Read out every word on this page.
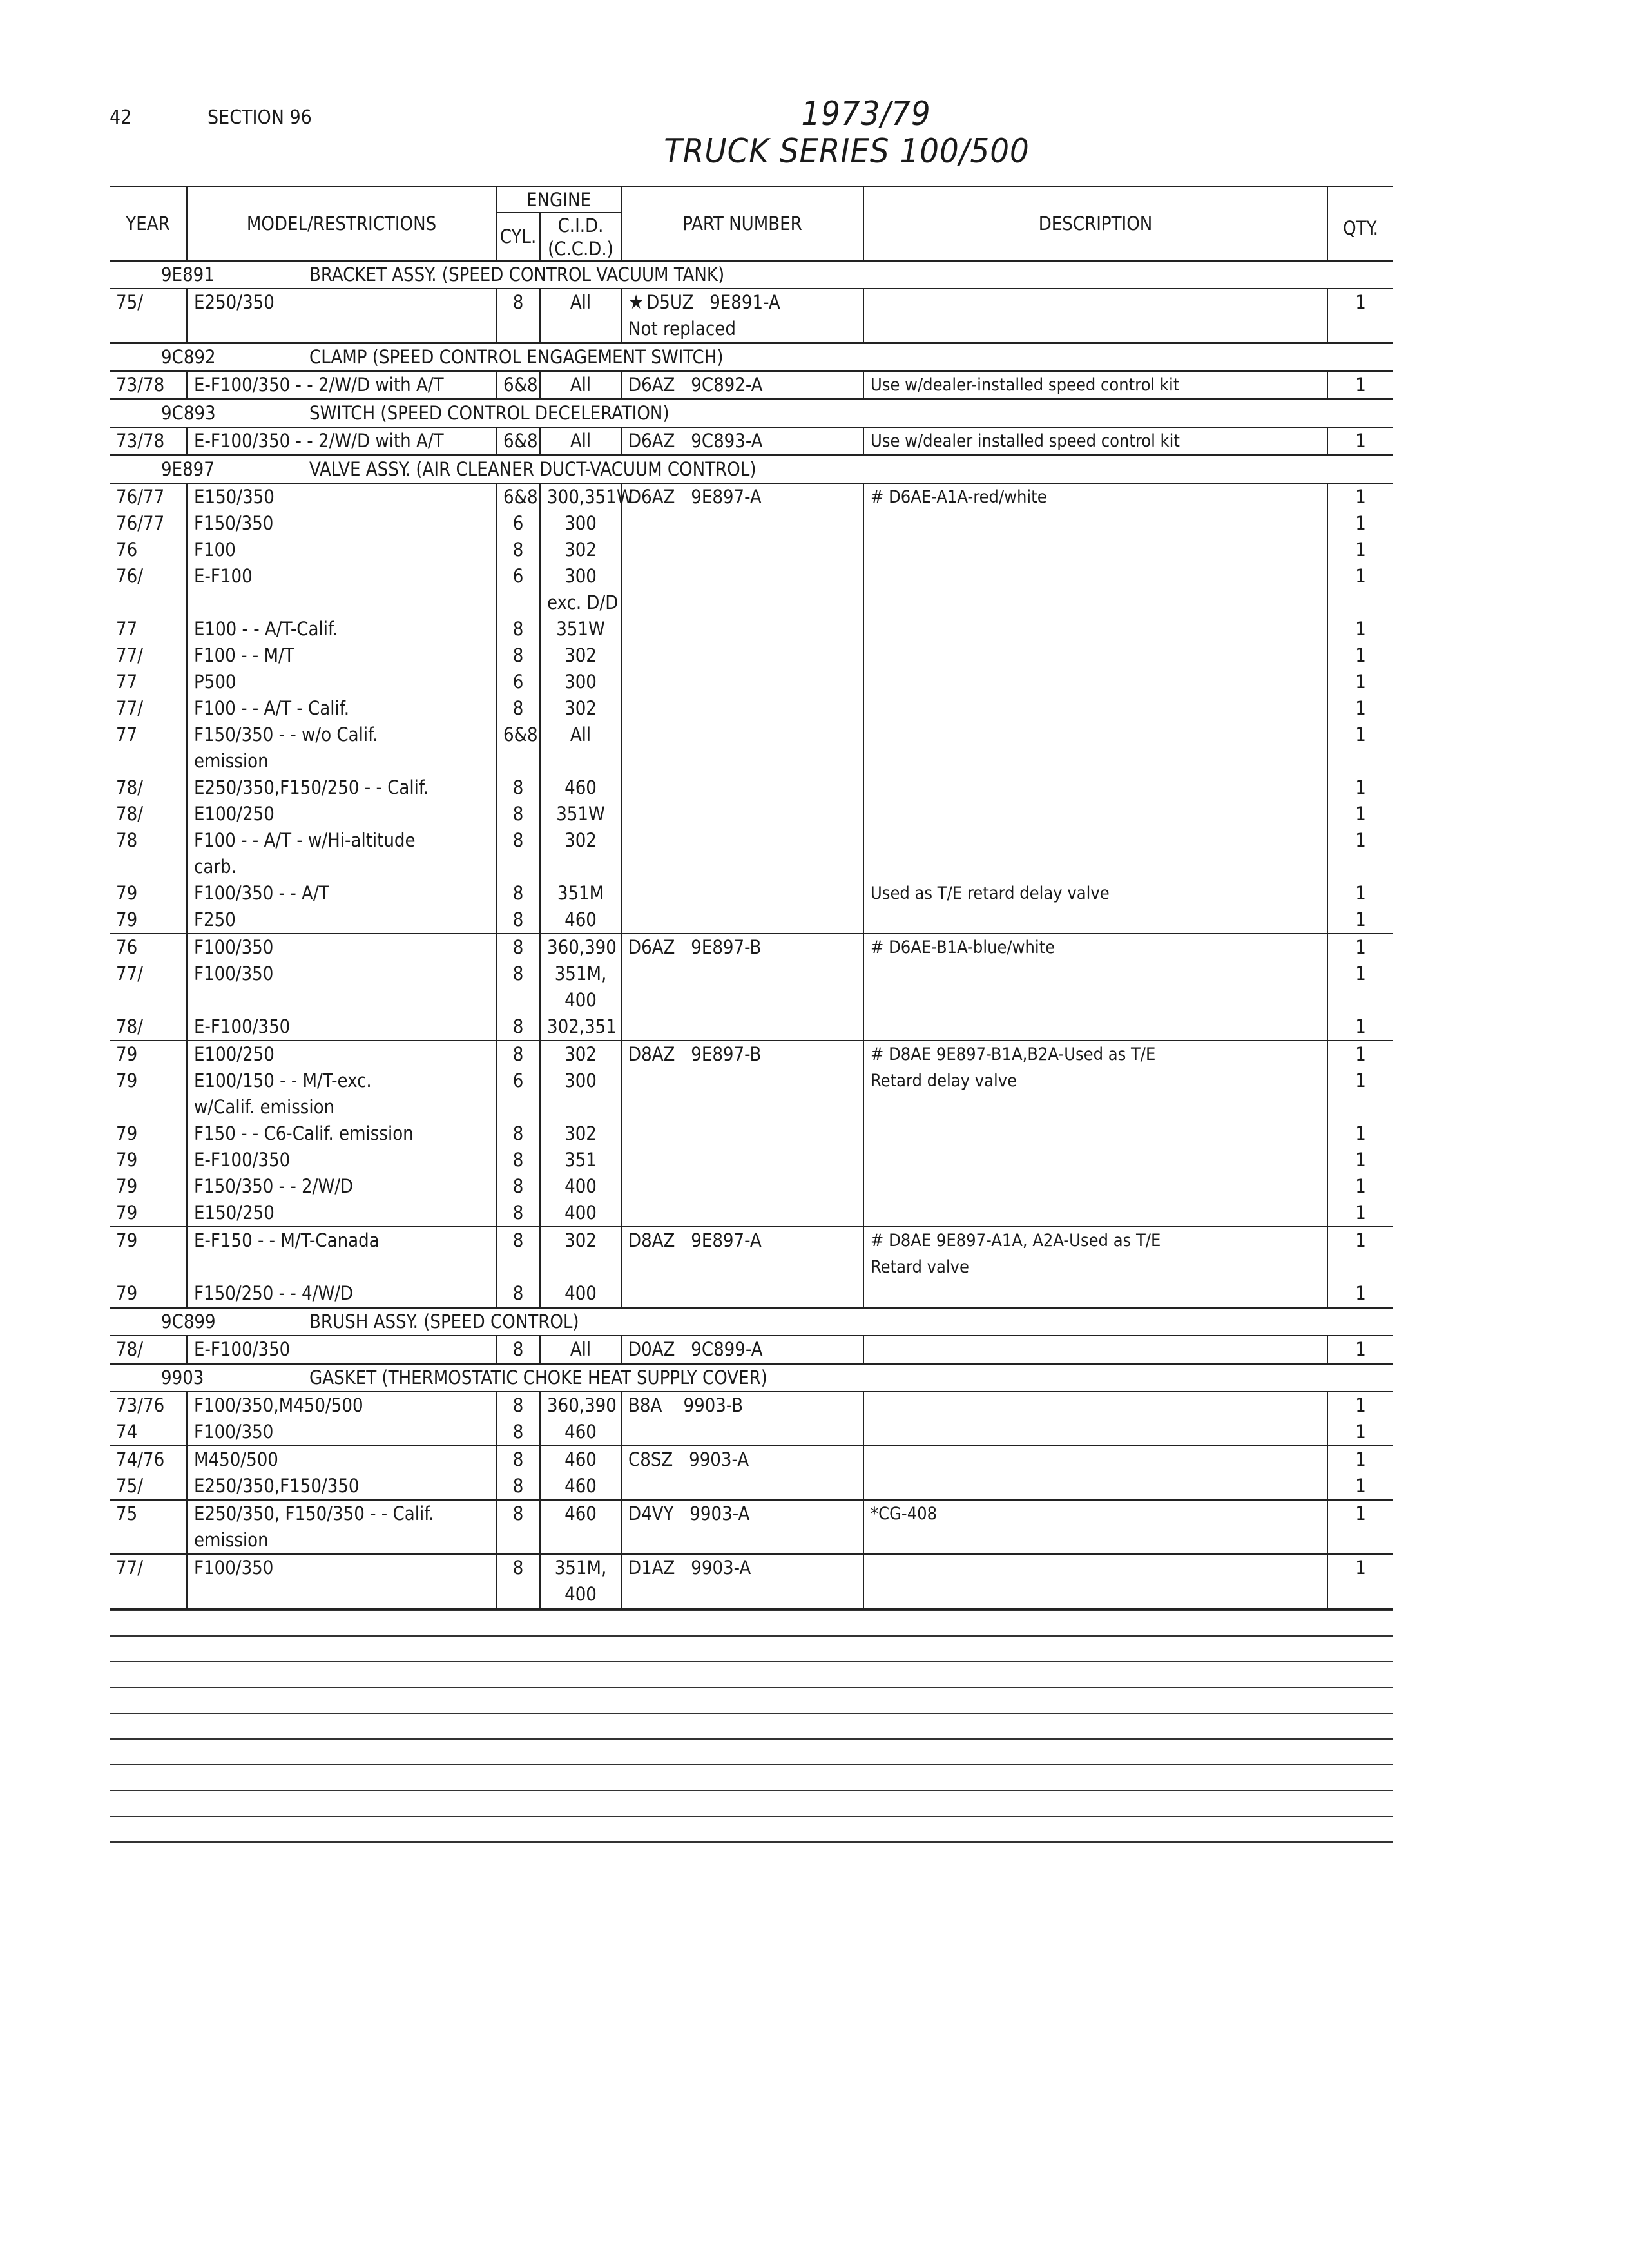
42	SECTION 96	1973/79
TRUCK SERIES 100/500
YEAR	MODEL/RESTRICTIONS	ENGINE		PART NUMBER	DESCRIPTION	QTY.
		CYL.	C.I.D.			
			(C.C.D.)			
9E891 BRACKET ASSY. (SPEED CONTROL VACUUM TANK)						
75/	E250/350	8	All	★ D5UZ   9E891-A		1
				Not replaced		
9C892 CLAMP (SPEED CONTROL ENGAGEMENT SWITCH)						
73/78	E-F100/350 - - 2/W/D with A/T	6&8	All	D6AZ   9C892-A	Use w/dealer-installed speed control kit	1
9C893 SWITCH (SPEED CONTROL DECELERATION)						
73/78	E-F100/350 - - 2/W/D with A/T	6&8	All	D6AZ   9C893-A	Use w/dealer installed speed control kit	1
9E897 VALVE ASSY. (AIR CLEANER DUCT-VACUUM CONTROL)						
76/77	E150/350	6&8	300,351W	D6AZ   9E897-A	# D6AE-A1A-red/white	1
76/77	F150/350	6	300			1
76	F100	8	302			1
76/	E-F100	6	300			1
			exc. D/D			
77	E100 - - A/T-Calif.	8	351W			1
77/	F100 - - M/T	8	302			1
77	P500	6	300			1
77/	F100 - - A/T - Calif.	8	302			1
77	F150/350 - - w/o Calif.	6&8	All			1
	emission					
78/	E250/350,F150/250 - - Calif.	8	460			1
78/	E100/250	8	351W			1
78	F100 - - A/T - w/Hi-altitude	8	302			1
	carb.					
79	F100/350 - - A/T	8	351M		Used as T/E retard delay valve	1
79	F250	8	460			1
76	F100/350	8	360,390	D6AZ   9E897-B	# D6AE-B1A-blue/white	1
77/	F100/350	8	351M,			1
			400			
78/	E-F100/350	8	302,351			1
79	E100/250	8	302	D8AZ   9E897-B	# D8AE 9E897-B1A,B2A-Used as T/E	1
79	E100/150 - - M/T-exc.	6	300		Retard delay valve	1
	w/Calif. emission					
79	F150 - - C6-Calif. emission	8	302			1
79	E-F100/350	8	351			1
79	F150/350 - - 2/W/D	8	400			1
79	E150/250	8	400			1
79	E-F150 - - M/T-Canada	8	302	D8AZ   9E897-A	# D8AE 9E897-A1A, A2A-Used as T/E	1
					Retard valve	
79	F150/250 - - 4/W/D	8	400			1
9C899 BRUSH ASSY. (SPEED CONTROL)						
78/	E-F100/350	8	All	D0AZ   9C899-A		1
9903 GASKET (THERMOSTATIC CHOKE HEAT SUPPLY COVER)						
73/76	F100/350,M450/500	8	360,390	B8A    9903-B		1
74	F100/350	8	460			1
74/76	M450/500	8	460	C8SZ   9903-A		1
75/	E250/350,F150/350	8	460			1
75	E250/350, F150/350 - - Calif.	8	460	D4VY   9903-A	*CG-408	1
	emission					
77/	F100/350	8	351M,	D1AZ   9903-A		1
			400			
